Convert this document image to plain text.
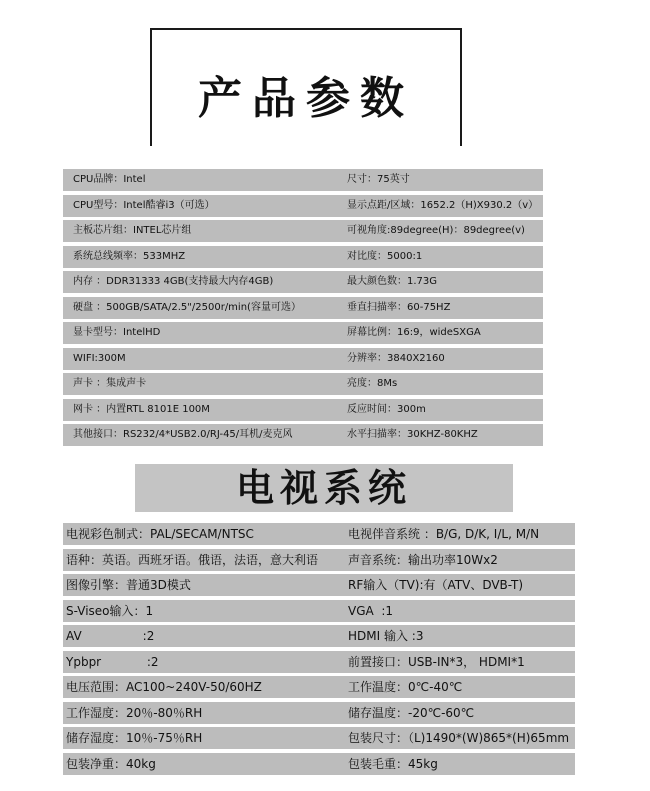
产品参数
CPU品牌：Intel	尺寸：75英寸
CPU型号：Intel酷睿i3（可选）	显示点距/区域：1652.2（H)X930.2（v）
主板芯片组：INTEL芯片组	可视角度:89degree(H)：89degree(v)
系统总线频率：533MHZ	对比度：5000:1
内存 ：DDR31333 4GB(支持最大内存4GB)	最大颜色数：1.73G
硬盘 ：500GB/SATA/2.5"/2500r/min(容量可选）	垂直扫描率：60-75HZ
显卡型号：IntelHD	屏幕比例：16:9，wideSXGA
WIFI:300M	分辨率：3840X2160
声卡 ：集成声卡	亮度：8Ms
网卡 ：内置RTL 8101E 100M	反应时间：300m
其他接口：RS232/4*USB2.0/RJ-45/耳机/麦克风	水平扫描率：30KHZ-80KHZ
电视系统
电视彩色制式：PAL/SECAM/NTSC	电视伴音系统 ：B/G, D/K, I/L, M/N
语种：英语。西班牙语。俄语，法语，意大利语	声音系统：输出功率10Wx2
图像引擎：普通3D模式	RF输入（TV):有（ATV、DVB-T)
S-Viseo输入：1	VGA  :1
AV                :2	HDMI 输入 :3
Ypbpr            :2	前置接口：USB-IN*3， HDMI*1
电压范围：AC100~240V-50/60HZ	工作温度：0℃-40℃
工作湿度：20％-80％RH	储存温度：-20℃-60℃
储存湿度：10％-75％RH	包装尺寸：（L)1490*(W)865*(H)65mm
包装净重：40kg	包装毛重：45kg
